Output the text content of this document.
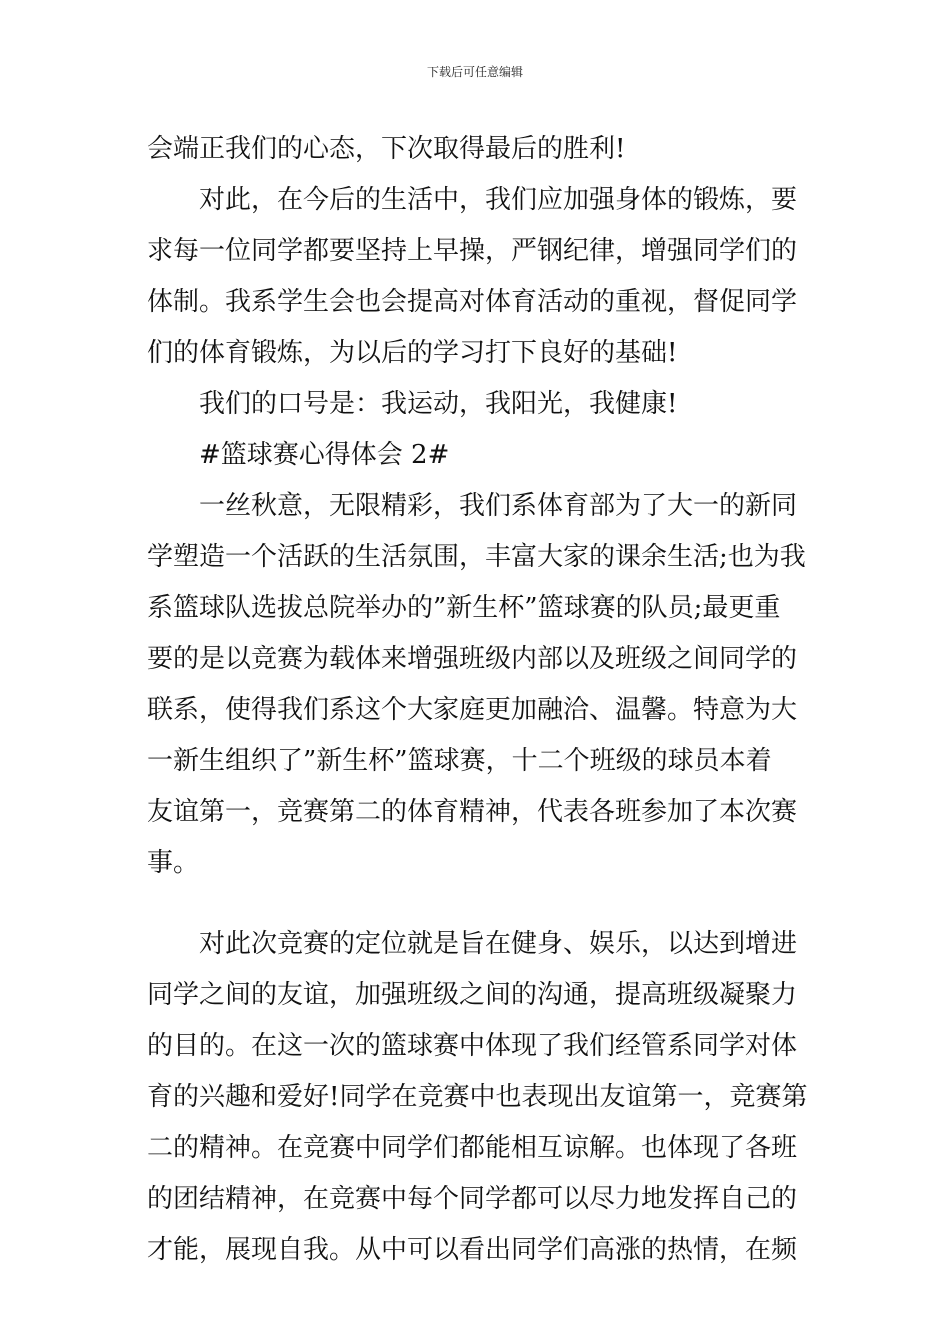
下载后可任意编辑
会端正我们的心态，下次取得最后的胜利!
对此，在今后的生活中，我们应加强身体的锻炼，要
求每一位同学都要坚持上早操，严钢纪律，增强同学们的
体制。我系学生会也会提高对体育活动的重视，督促同学
们的体育锻炼，为以后的学习打下良好的基础!
我们的口号是：我运动，我阳光，我健康!
#篮球赛心得体会 2#
一丝秋意，无限精彩，我们系体育部为了大一的新同
学塑造一个活跃的生活氛围，丰富大家的课余生活;也为我
系篮球队选拔总院举办的”新生杯”篮球赛的队员;最更重
要的是以竞赛为载体来增强班级内部以及班级之间同学的
联系，使得我们系这个大家庭更加融洽、温馨。特意为大
一新生组织了”新生杯”篮球赛，十二个班级的球员本着
友谊第一，竞赛第二的体育精神，代表各班参加了本次赛
事。
对此次竞赛的定位就是旨在健身、娱乐，以达到增进
同学之间的友谊，加强班级之间的沟通，提高班级凝聚力
的目的。在这一次的篮球赛中体现了我们经管系同学对体
育的兴趣和爱好!同学在竞赛中也表现出友谊第一，竞赛第
二的精神。在竞赛中同学们都能相互谅解。也体现了各班
的团结精神，在竞赛中每个同学都可以尽力地发挥自己的
才能，展现自我。从中可以看出同学们高涨的热情，在频
